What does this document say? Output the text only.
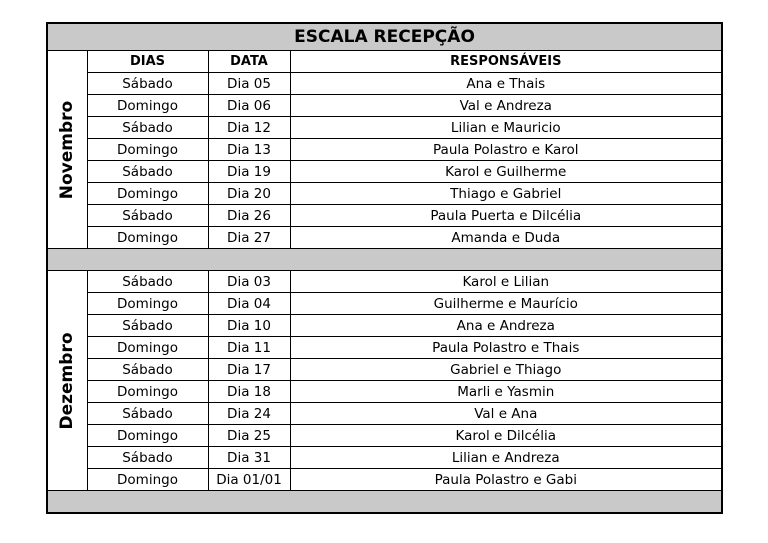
ESCALA RECEPÇÃO			

Novembro	DIAS	DATA	RESPONSÁVEIS
	Sábado	Dia 05	Ana e Thais
	Domingo	Dia 06	Val e Andreza
	Sábado	Dia 12	Lilian e Mauricio
	Domingo	Dia 13	Paula Polastro e Karol
	Sábado	Dia 19	Karol e Guilherme
	Domingo	Dia 20	Thiago e Gabriel
	Sábado	Dia 26	Paula Puerta e Dilcélia
	Domingo	Dia 27	Amanda e Duda

Dezembro	Sábado	Dia 03	Karol e Lilian
	Domingo	Dia 04	Guilherme e Maurício
	Sábado	Dia 10	Ana e Andreza
	Domingo	Dia 11	Paula Polastro e Thais
	Sábado	Dia 17	Gabriel e Thiago
	Domingo	Dia 18	Marli e Yasmin
	Sábado	Dia 24	Val e Ana
	Domingo	Dia 25	Karol e Dilcélia
	Sábado	Dia 31	Lilian e Andreza
	Domingo	Dia 01/01	Paula Polastro e Gabi
